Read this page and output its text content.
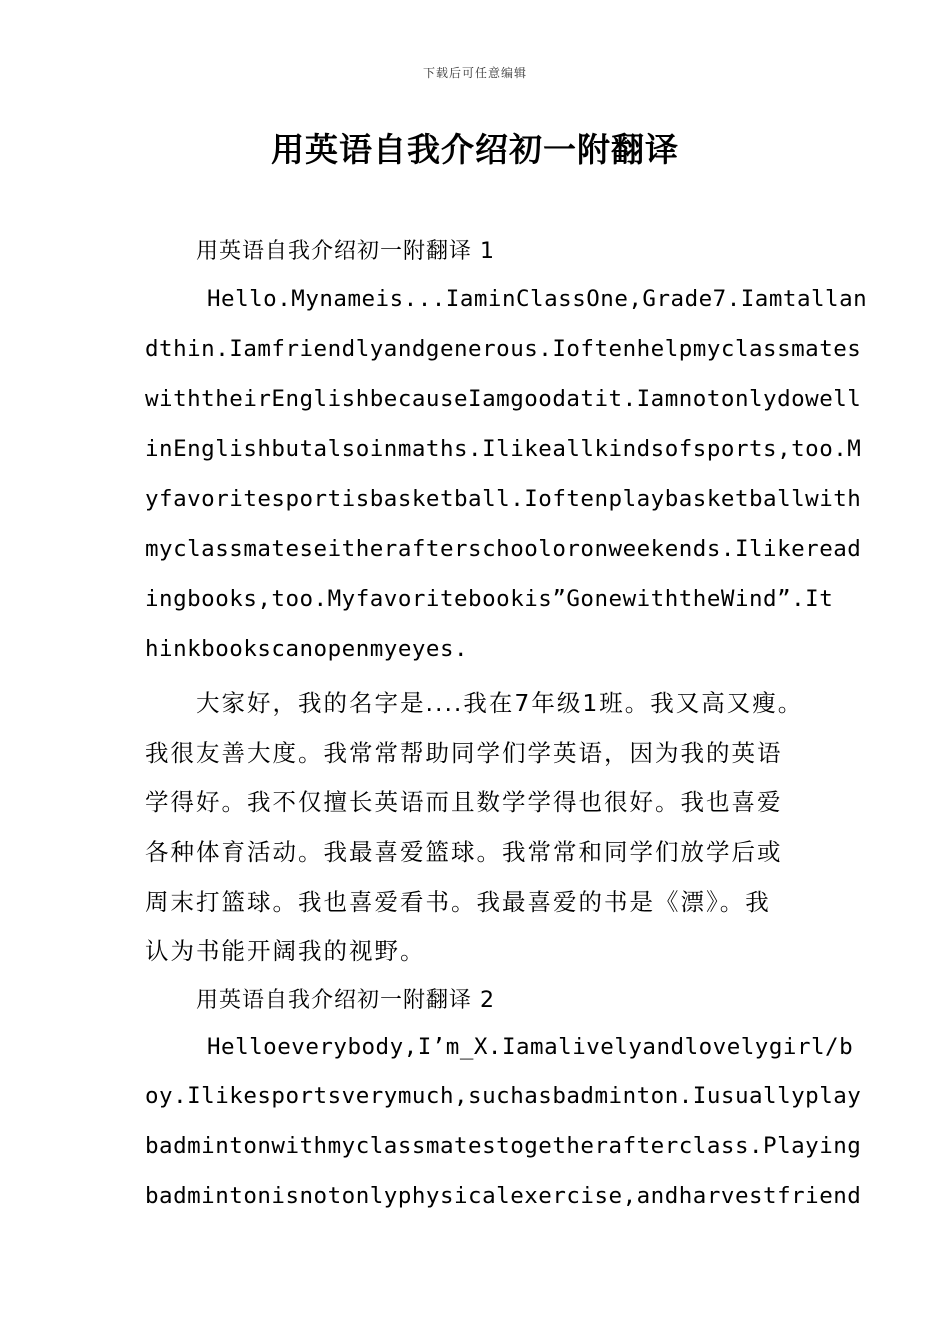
下载后可任意编辑
用英语自我介绍初一附翻译
用英语自我介绍初一附翻译 1
Hello.Mynameis...IaminClassOne,Grade7.Iamtallan
dthin.Iamfriendlyandgenerous.Ioftenhelpmyclassmates
withtheirEnglishbecauseIamgoodatit.Iamnotonlydowell
inEnglishbutalsoinmaths.Ilikeallkindsofsports,too.M
yfavoritesportisbasketball.Ioftenplaybasketballwith
myclassmateseitherafterschooloronweekends.Ilikeread
ingbooks,too.Myfavoritebookis”GonewiththeWind”.It
hinkbookscanopenmyeyes.
大家好，我的名字是....我在7年级1班。我又高又瘦。
我很友善大度。我常常帮助同学们学英语，因为我的英语
学得好。我不仅擅长英语而且数学学得也很好。我也喜爱
各种体育活动。我最喜爱篮球。我常常和同学们放学后或
周末打篮球。我也喜爱看书。我最喜爱的书是《漂》。我
认为书能开阔我的视野。
用英语自我介绍初一附翻译 2
Helloeverybody,I’m_X.Iamalivelyandlovelygirl/b
oy.Ilikesportsverymuch,suchasbadminton.Iusuallyplay
badmintonwithmyclassmatestogetherafterclass.Playing
badmintonisnotonlyphysicalexercise,andharvestfriend
